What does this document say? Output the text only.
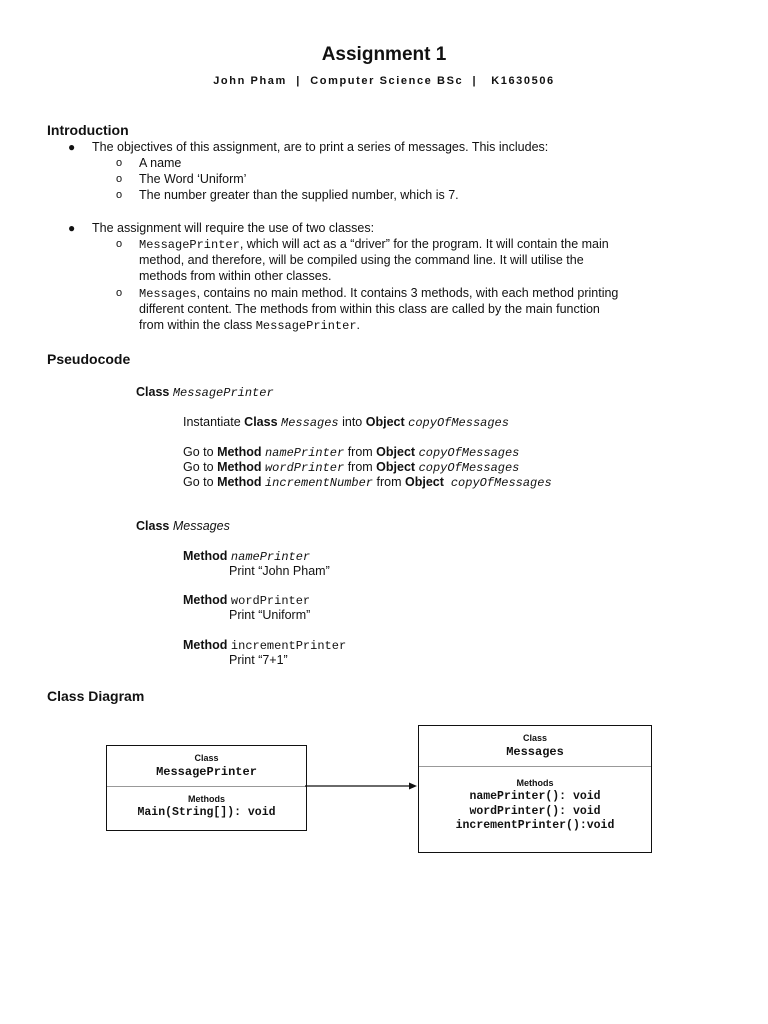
Assignment 1
John Pham  |  Computer Science BSc  |   K1630506
Introduction
● The objectives of this assignment, are to print a series of messages. This includes:
o A name
o The Word ‘Uniform’
o The number greater than the supplied number, which is 7.
● The assignment will require the use of two classes:
o MessagePrinter, which will act as a “driver” for the program. It will contain the main
method, and therefore, will be compiled using the command line. It will utilise the
methods from within other classes.
o Messages, contains no main method. It contains 3 methods, with each method printing
different content. The methods from within this class are called by the main function
from within the class MessagePrinter.
Pseudocode
Class MessagePrinter
Instantiate Class Messages into Object copyOfMessages
Go to Method namePrinter from Object copyOfMessages
Go to Method wordPrinter from Object copyOfMessages
Go to Method incrementNumber from Object copyOfMessages
Class Messages
Method namePrinter
Print “John Pham”
Method wordPrinter
Print “Uniform”
Method incrementPrinter
Print “7+1”
Class Diagram
Class
MessagePrinter
Methods
Main(String[]): void
Class
Messages
Methods
namePrinter(): void
wordPrinter(): void
incrementPrinter():void
